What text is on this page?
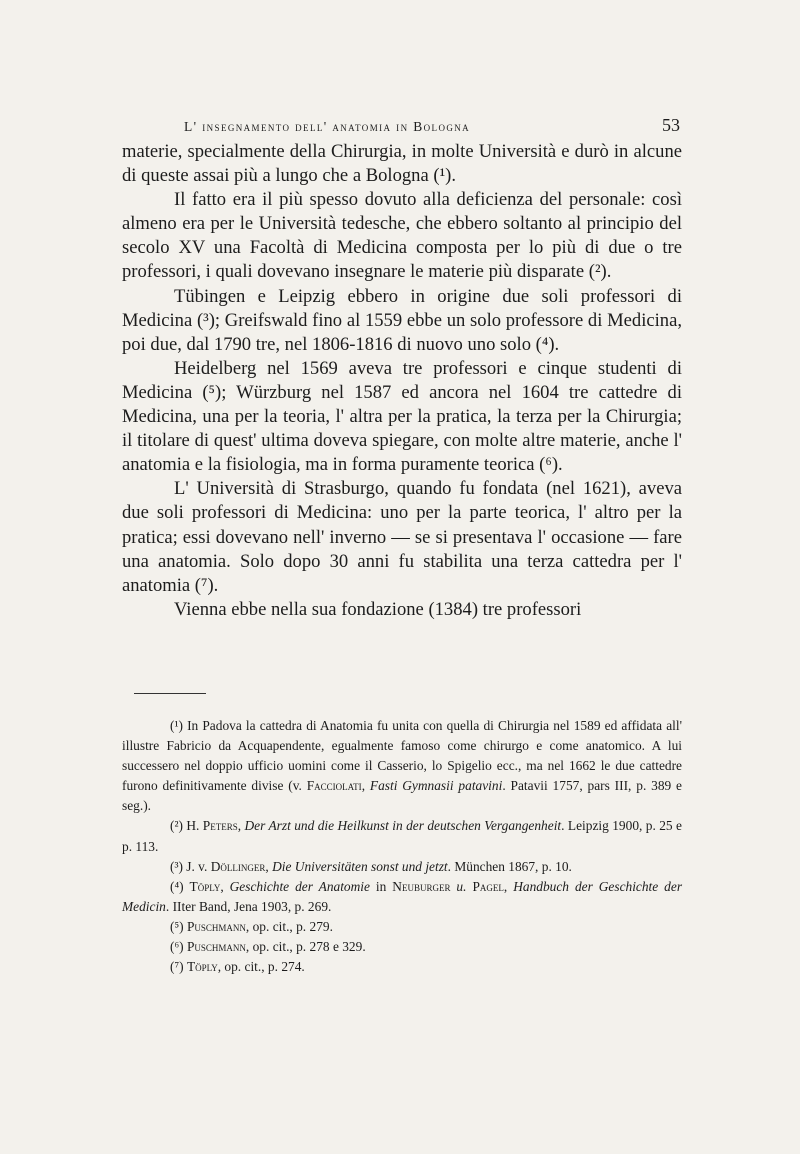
L' insegnamento dell' anatomia in Bologna	53

materie, specialmente della Chirurgia, in molte Università e durò in alcune di queste assai più a lungo che a Bologna (¹).

Il fatto era il più spesso dovuto alla deficienza del personale: così almeno era per le Università tedesche, che ebbero soltanto al principio del secolo XV una Facoltà di Medicina composta per lo più di due o tre professori, i quali dovevano insegnare le materie più disparate (²).

Tübingen e Leipzig ebbero in origine due soli professori di Medicina (³); Greifswald fino al 1559 ebbe un solo professore di Medicina, poi due, dal 1790 tre, nel 1806-1816 di nuovo uno solo (⁴).

Heidelberg nel 1569 aveva tre professori e cinque studenti di Medicina (⁵); Würzburg nel 1587 ed ancora nel 1604 tre cattedre di Medicina, una per la teoria, l' altra per la pratica, la terza per la Chirurgia; il titolare di quest' ultima doveva spiegare, con molte altre materie, anche l' anatomia e la fisiologia, ma in forma puramente teorica (⁶).

L' Università di Strasburgo, quando fu fondata (nel 1621), aveva due soli professori di Medicina: uno per la parte teorica, l' altro per la pratica; essi dovevano nell' inverno — se si presentava l' occasione — fare una anatomia. Solo dopo 30 anni fu stabilita una terza cattedra per l' anatomia (⁷).

Vienna ebbe nella sua fondazione (1384) tre professori

(¹) In Padova la cattedra di Anatomia fu unita con quella di Chirurgia nel 1589 ed affidata all' illustre Fabricio da Acquapendente, egualmente famoso come chirurgo e come anatomico. A lui successero nel doppio ufficio uomini come il Casserio, lo Spigelio ecc., ma nel 1662 le due cattedre furono definitivamente divise (v. Facciolati, Fasti Gymnasii patavini. Patavii 1757, pars III, p. 389 e seg.).

(²) H. Peters, Der Arzt und die Heilkunst in der deutschen Vergangenheit. Leipzig 1900, p. 25 e p. 113.

(³) J. v. Döllinger, Die Universitäten sonst und jetzt. München 1867, p. 10.

(⁴) Töply, Geschichte der Anatomie in Neuburger u. Pagel, Handbuch der Geschichte der Medicin. IIter Band, Jena 1903, p. 269.

(⁵) Puschmann, op. cit., p. 279.

(⁶) Puschmann, op. cit., p. 278 e 329.

(⁷) Töply, op. cit., p. 274.
